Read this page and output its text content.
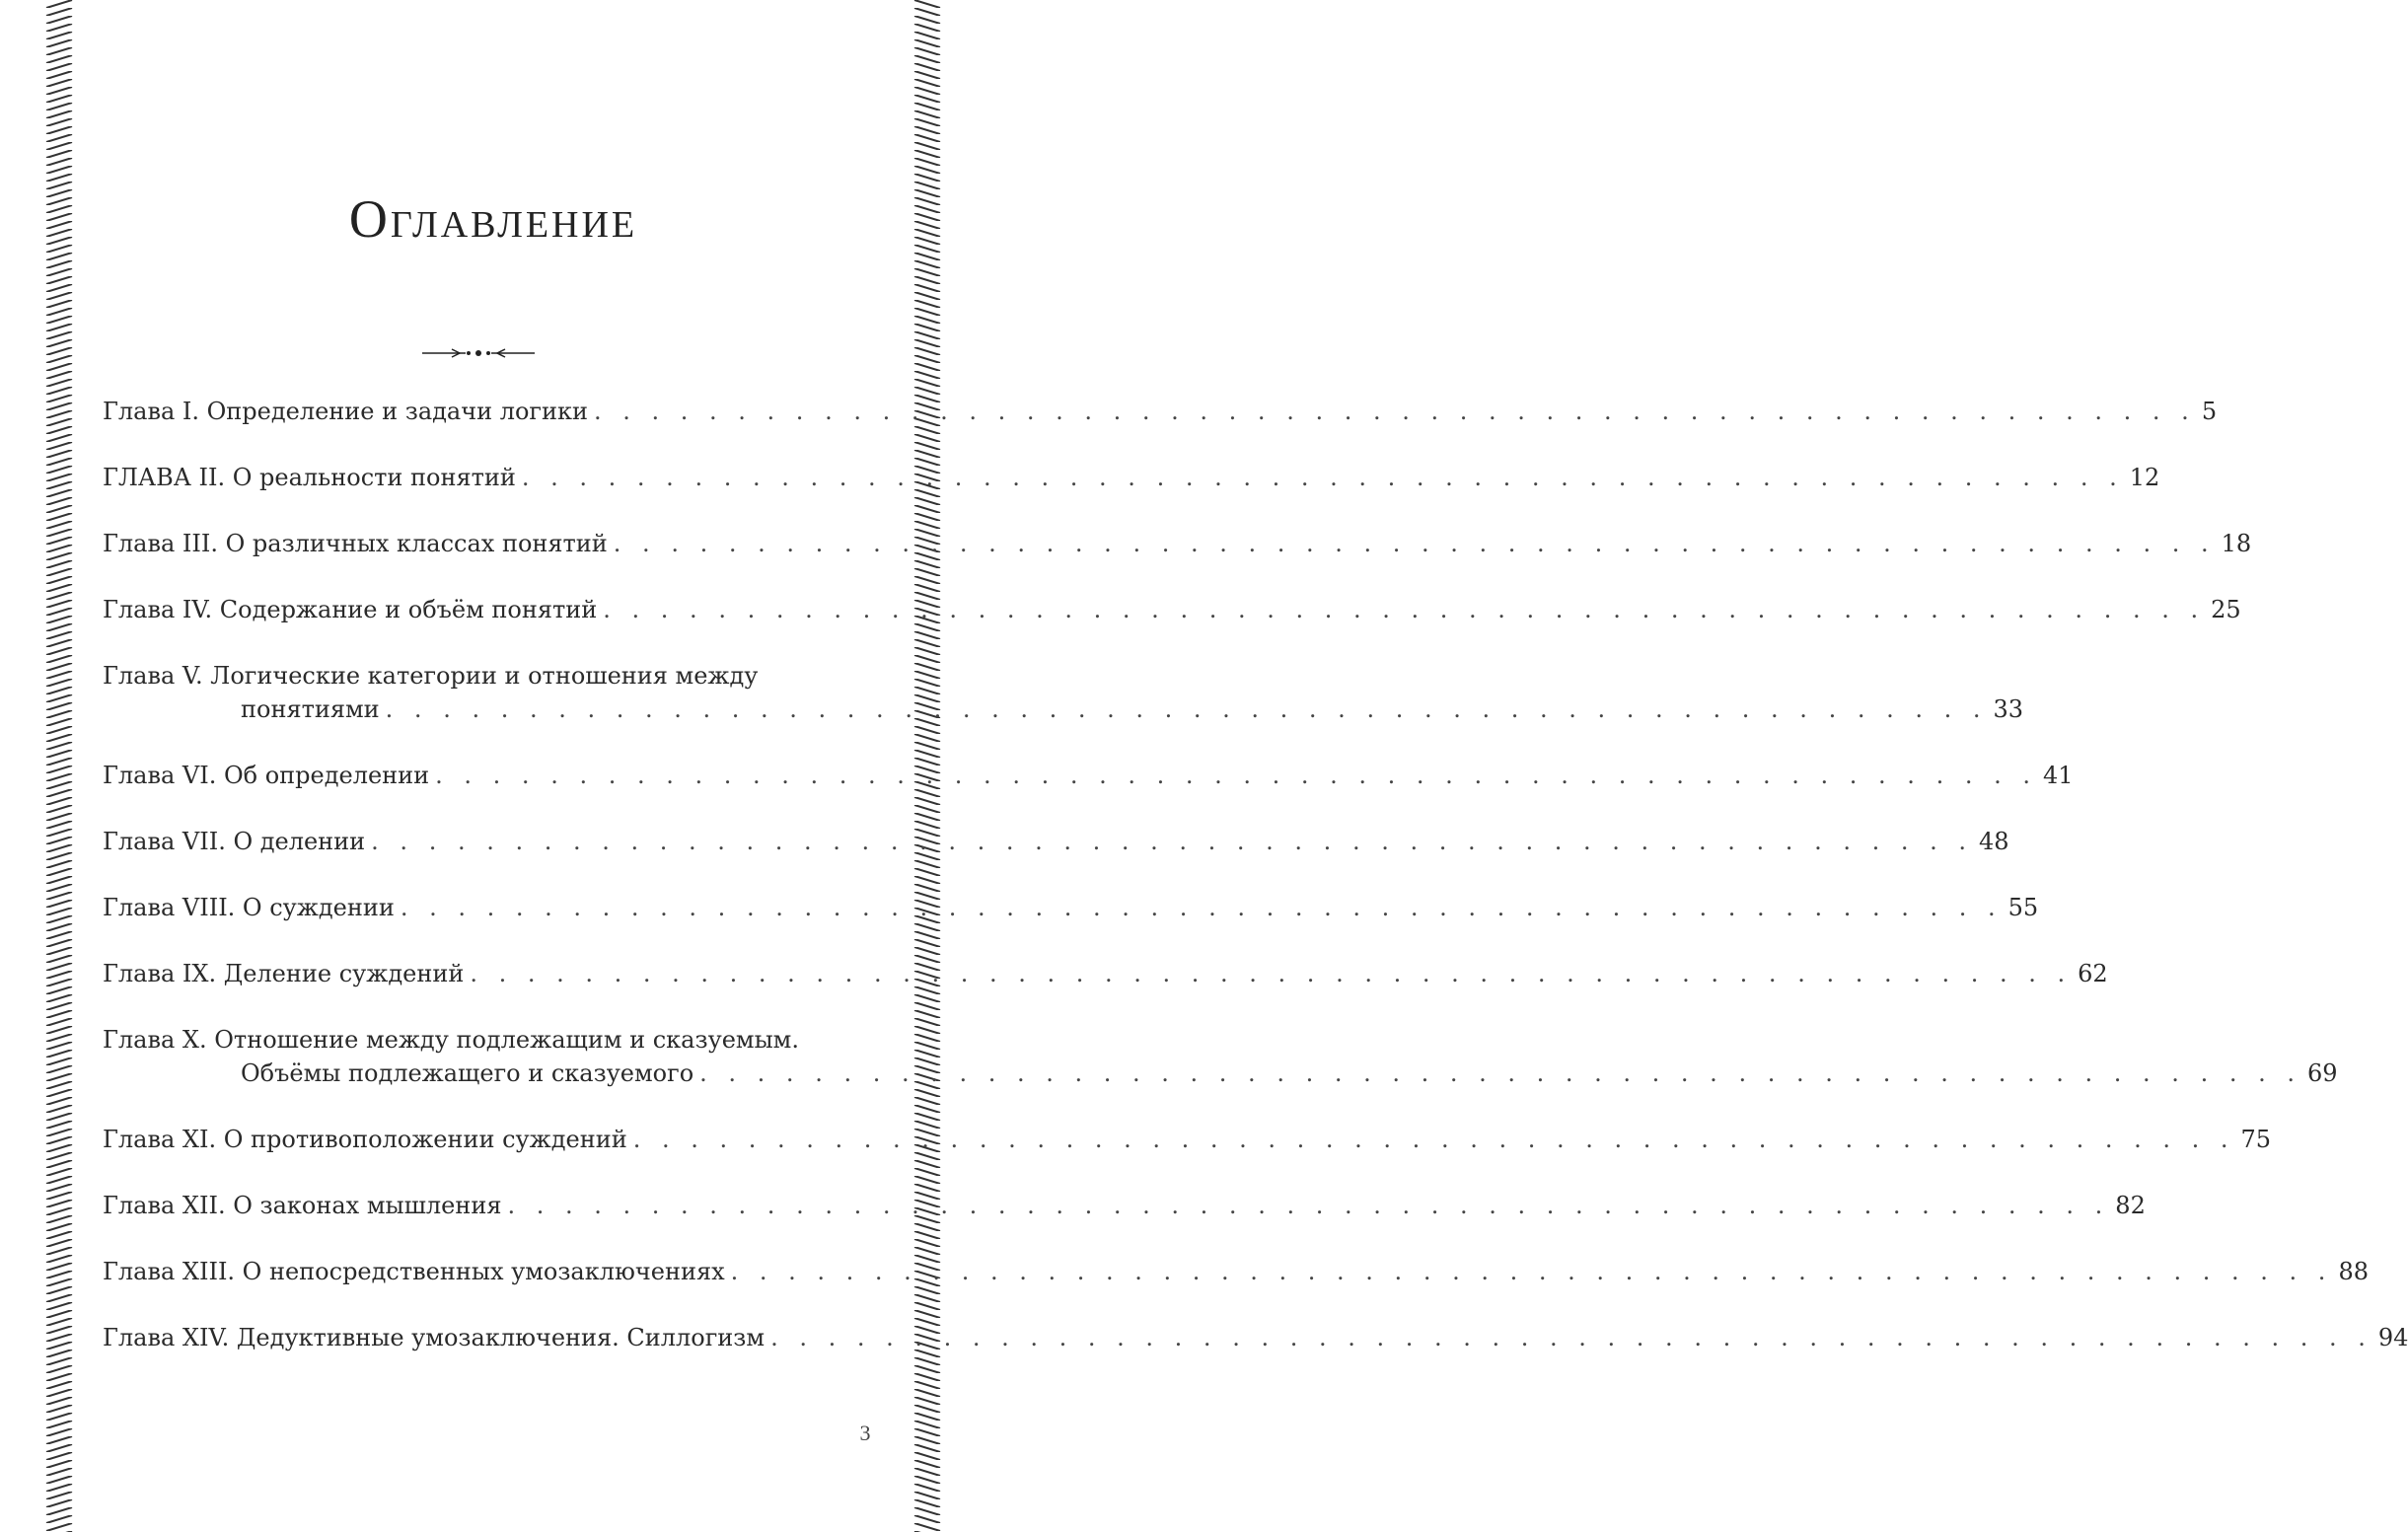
Оглавление
Глава I. Определение и задачи логики . . . . . . . . . . . . . . . . . . . . . . . . . . . . . . . . . . . . . . . . . . . . . . . . . . . . . . . . 5
ГЛАВА II. О реальности понятий . . . . . . . . . . . . . . . . . . . . . . . . . . . . . . . . . . . . . . . . . . . . . . . . . . . . . . . . 12
Глава III. О различных классах понятий . . . . . . . . . . . . . . . . . . . . . . . . . . . . . . . . . . . . . . . . . . . . . . . . . . . . . . . . 18
Глава IV. Содержание и объём понятий . . . . . . . . . . . . . . . . . . . . . . . . . . . . . . . . . . . . . . . . . . . . . . . . . . . . . . . . 25
Глава V. Логические категории и отношения между
понятиями . . . . . . . . . . . . . . . . . . . . . . . . . . . . . . . . . . . . . . . . . . . . . . . . . . . . . . . . 33
Глава VI. Об определении . . . . . . . . . . . . . . . . . . . . . . . . . . . . . . . . . . . . . . . . . . . . . . . . . . . . . . . . 41
Глава VII. О делении . . . . . . . . . . . . . . . . . . . . . . . . . . . . . . . . . . . . . . . . . . . . . . . . . . . . . . . . 48
Глава VIII. О суждении . . . . . . . . . . . . . . . . . . . . . . . . . . . . . . . . . . . . . . . . . . . . . . . . . . . . . . . . 55
Глава IX. Деление суждений . . . . . . . . . . . . . . . . . . . . . . . . . . . . . . . . . . . . . . . . . . . . . . . . . . . . . . . . 62
Глава X. Отношение между подлежащим и сказуемым.
Объёмы подлежащего и сказуемого . . . . . . . . . . . . . . . . . . . . . . . . . . . . . . . . . . . . . . . . . . . . . . . . . . . . . . . . 69
Глава XI. О противоположении суждений . . . . . . . . . . . . . . . . . . . . . . . . . . . . . . . . . . . . . . . . . . . . . . . . . . . . . . . . 75
Глава XII. О законах мышления . . . . . . . . . . . . . . . . . . . . . . . . . . . . . . . . . . . . . . . . . . . . . . . . . . . . . . . . 82
Глава XIII. О непосредственных умозаключениях . . . . . . . . . . . . . . . . . . . . . . . . . . . . . . . . . . . . . . . . . . . . . . . . . . . . . . . . 88
Глава XIV. Дедуктивные умозаключения. Силлогизм . . . . . . . . . . . . . . . . . . . . . . . . . . . . . . . . . . . . . . . . . . . . . . . . . . . . . . . . 94
3
